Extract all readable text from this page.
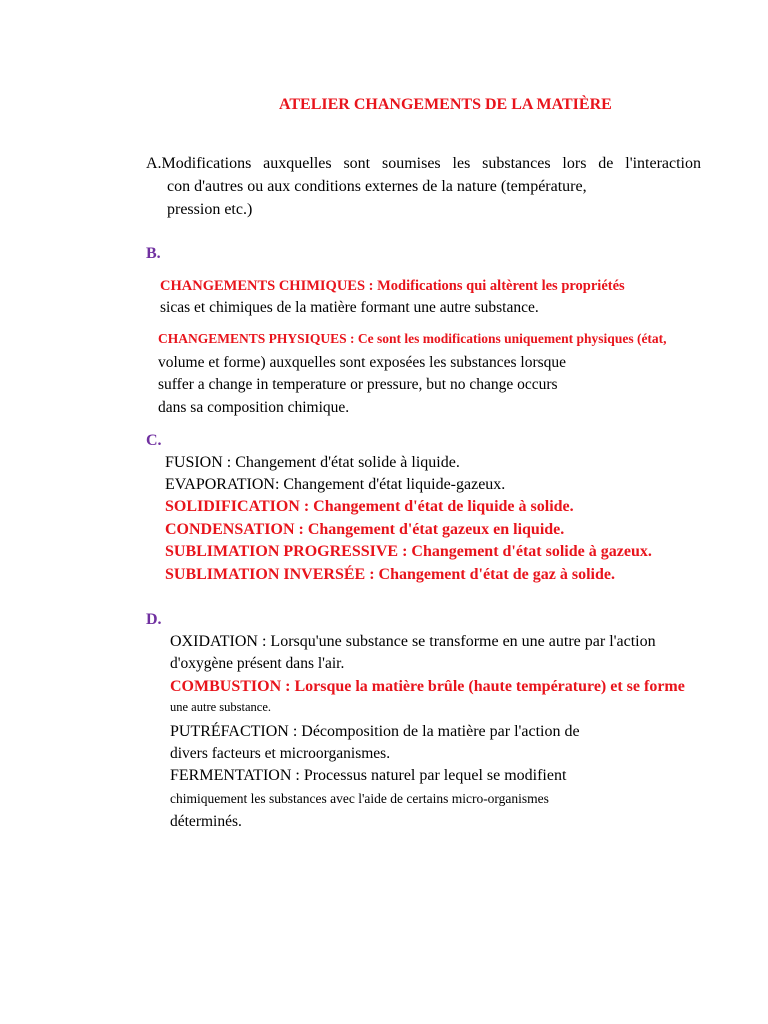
ATELIER CHANGEMENTS DE LA MATIÈRE
A.Modifications auxquelles sont soumises les substances lors de l'interaction
con d'autres ou aux conditions externes de la nature (température,
pression etc.)
B.
CHANGEMENTS CHIMIQUES : Modifications qui altèrent les propriétés
sicas et chimiques de la matière formant une autre substance.
CHANGEMENTS PHYSIQUES : Ce sont les modifications uniquement physiques (état,
volume et forme) auxquelles sont exposées les substances lorsque
suffer a change in temperature or pressure, but no change occurs
dans sa composition chimique.
C.
FUSION : Changement d'état solide à liquide.
EVAPORATION: Changement d'état liquide-gazeux.
SOLIDIFICATION : Changement d'état de liquide à solide.
CONDENSATION : Changement d'état gazeux en liquide.
SUBLIMATION PROGRESSIVE : Changement d'état solide à gazeux.
SUBLIMATION INVERSÉE : Changement d'état de gaz à solide.
D.
OXIDATION : Lorsqu'une substance se transforme en une autre par l'action
d'oxygène présent dans l'air.
COMBUSTION : Lorsque la matière brûle (haute température) et se forme
une autre substance.
PUTRÉFACTION : Décomposition de la matière par l'action de
divers facteurs et microorganismes.
FERMENTATION : Processus naturel par lequel se modifient
chimiquement les substances avec l'aide de certains micro-organismes
déterminés.
